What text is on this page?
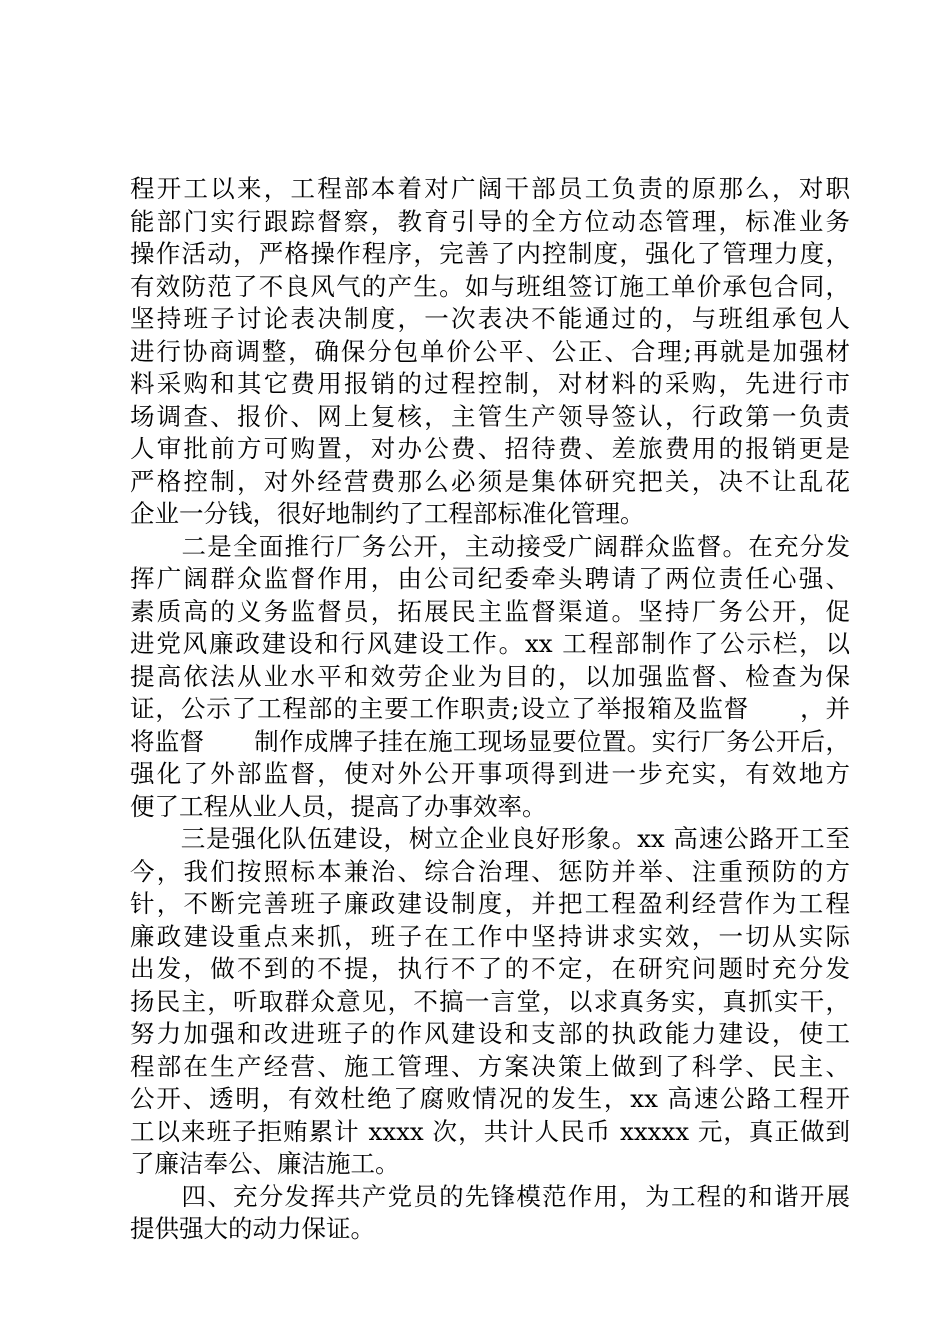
程开工以来，工程部本着对广阔干部员工负责的原那么，对职
能部门实行跟踪督察，教育引导的全方位动态管理，标准业务
操作活动，严格操作程序，完善了内控制度，强化了管理力度，
有效防范了不良风气的产生。如与班组签订施工单价承包合同，
坚持班子讨论表决制度，一次表决不能通过的，与班组承包人
进行协商调整，确保分包单价公平、公正、合理;再就是加强材
料采购和其它费用报销的过程控制，对材料的采购，先进行市
场调查、报价、网上复核，主管生产领导签认，行政第一负责
人审批前方可购置，对办公费、招待费、差旅费用的报销更是
严格控制，对外经营费那么必须是集体研究把关，决不让乱花
企业一分钱，很好地制约了工程部标准化管理。
　　二是全面推行厂务公开，主动接受广阔群众监督。在充分发
挥广阔群众监督作用，由公司纪委牵头聘请了两位责任心强、
素质高的义务监督员，拓展民主监督渠道。坚持厂务公开，促
进党风廉政建设和行风建设工作。xx 工程部制作了公示栏，以
提高依法从业水平和效劳企业为目的，以加强监督、检查为保
证，公示了工程部的主要工作职责;设立了举报箱及监督　　，并
将监督　　制作成牌子挂在施工现场显要位置。实行厂务公开后，
强化了外部监督，使对外公开事项得到进一步充实，有效地方
便了工程从业人员，提高了办事效率。
　　三是强化队伍建设，树立企业良好形象。xx 高速公路开工至
今，我们按照标本兼治、综合治理、惩防并举、注重预防的方
针，不断完善班子廉政建设制度，并把工程盈利经营作为工程
廉政建设重点来抓，班子在工作中坚持讲求实效，一切从实际
出发，做不到的不提，执行不了的不定，在研究问题时充分发
扬民主，听取群众意见，不搞一言堂，以求真务实，真抓实干，
努力加强和改进班子的作风建设和支部的执政能力建设，使工
程部在生产经营、施工管理、方案决策上做到了科学、民主、
公开、透明，有效杜绝了腐败情况的发生，xx 高速公路工程开
工以来班子拒贿累计 xxxx 次，共计人民币 xxxxx 元，真正做到
了廉洁奉公、廉洁施工。
　　四、充分发挥共产党员的先锋模范作用，为工程的和谐开展
提供强大的动力保证。
